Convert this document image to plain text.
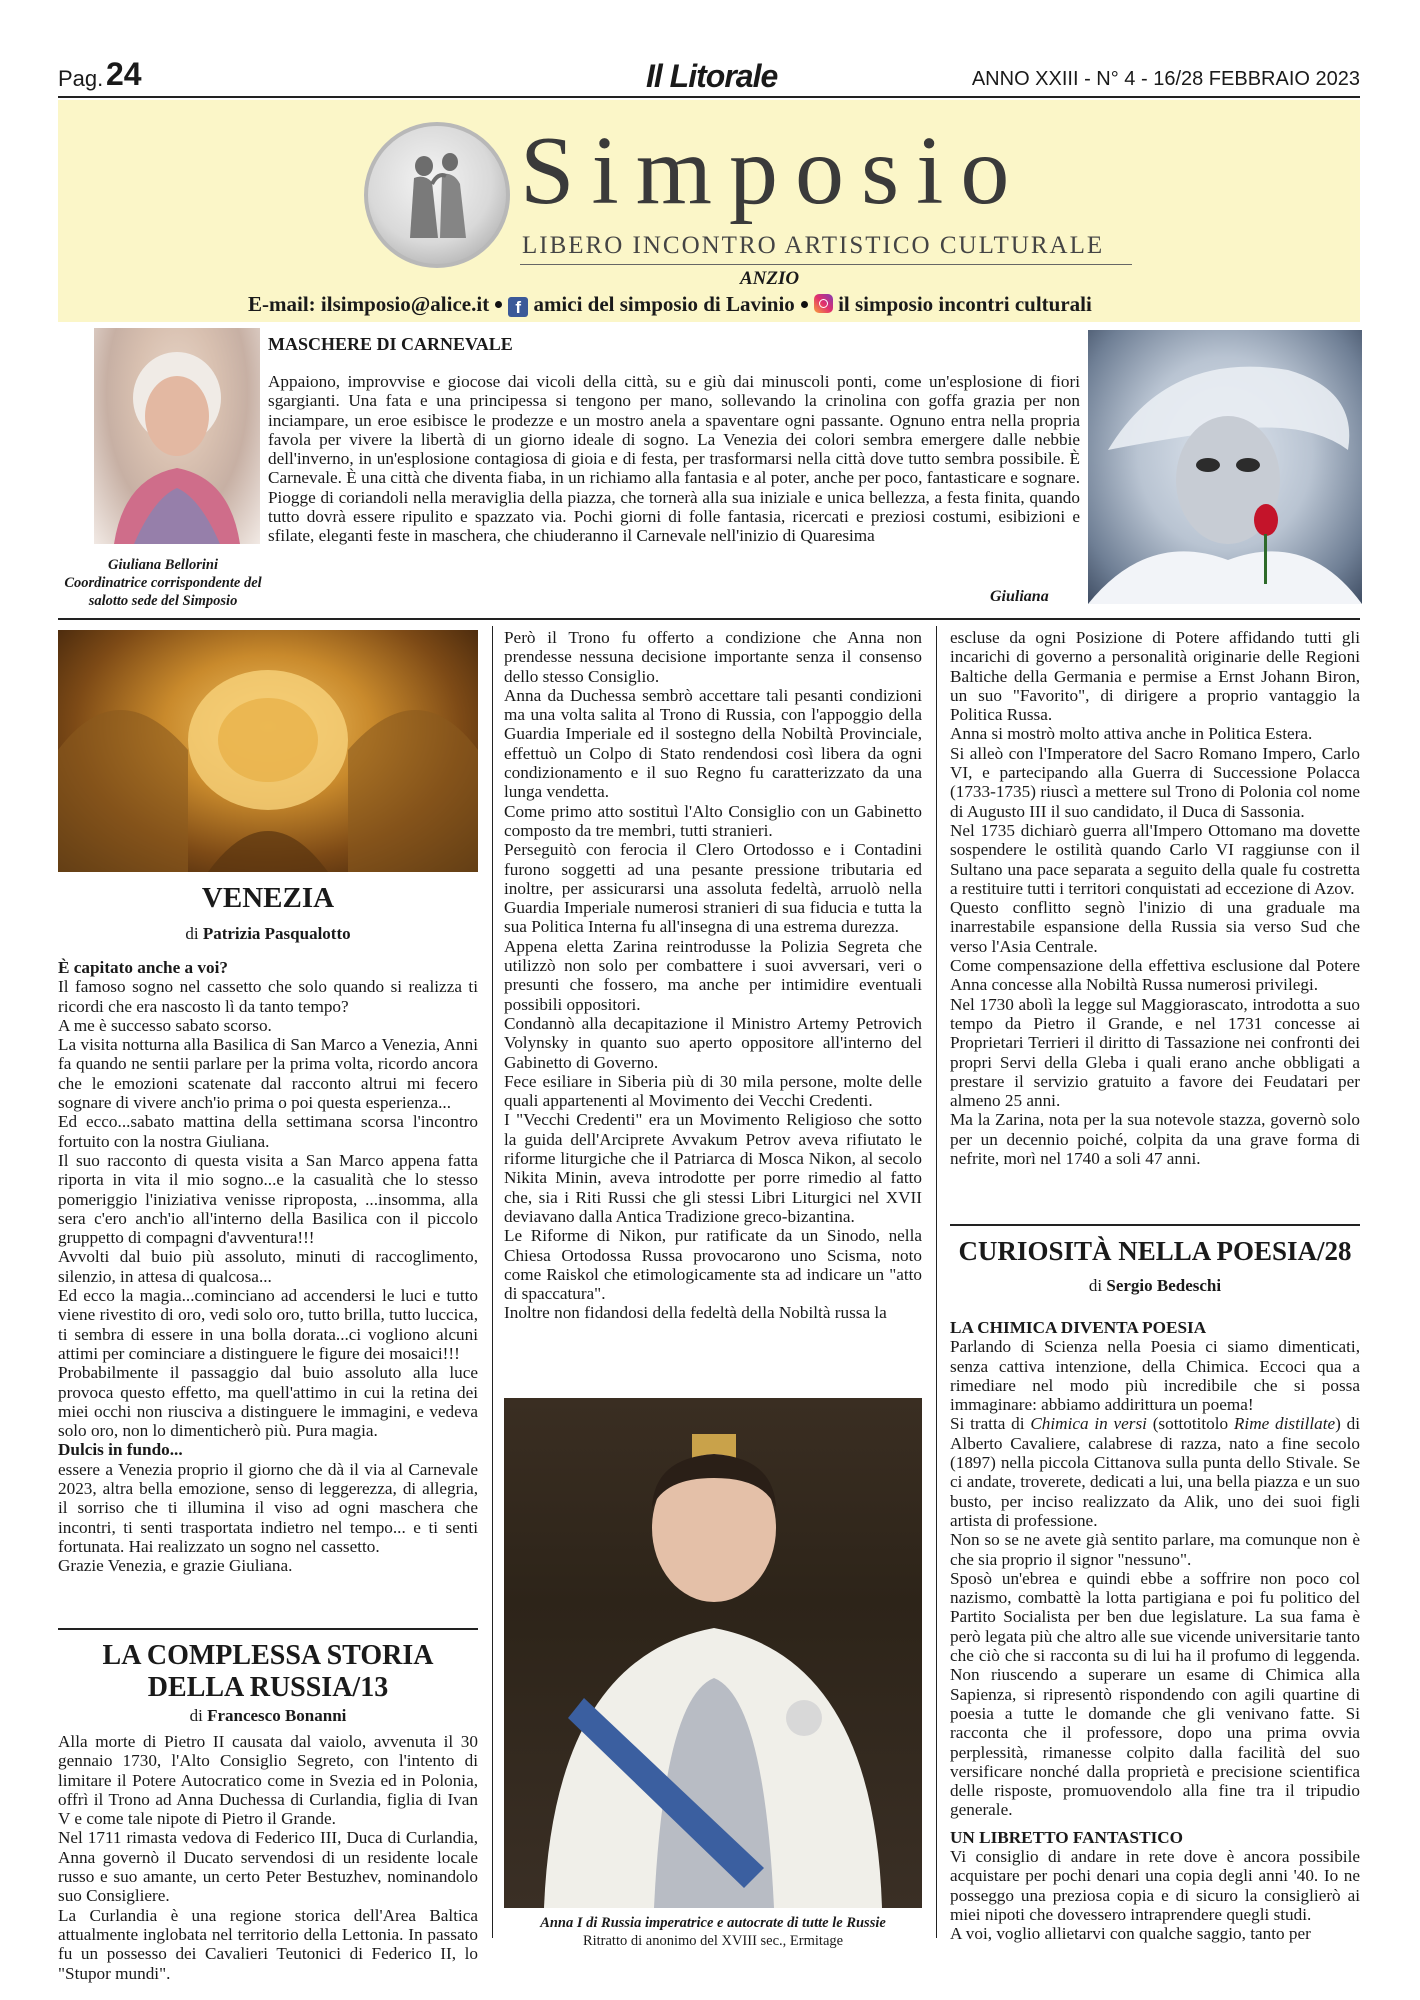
Pag. 24	Il Litorale	ANNO XXIII - N° 4 - 16/28 FEBBRAIO 2023
Simposio
LIBERO INCONTRO ARTISTICO CULTURALE
ANZIO
E-mail: ilsimposio@alice.it f amici del simposio di Lavinio il simposio incontri culturali
Giuliana Bellorini
Coordinatrice corrispondente del salotto sede del Simposio
MASCHERE DI CARNEVALE
Appaiono, improvvise e giocose dai vicoli della città, su e giù dai minuscoli ponti, come un'esplosione di fiori sgargianti. Una fata e una principessa si tengono per mano, sollevando la crinolina con goffa grazia per non inciampare, un eroe esibisce le prodezze e un mostro anela a spaventare ogni passante. Ognuno entra nella propria favola per vivere la libertà di un giorno ideale di sogno. La Venezia dei colori sembra emergere dalle nebbie dell'inverno, in un'esplosione contagiosa di gioia e di festa, per trasformarsi nella città dove tutto sembra possibile. È Carnevale. È una città che diventa fiaba, in un richiamo alla fantasia e al poter, anche per poco, fantasticare e sognare. Piogge di coriandoli nella meraviglia della piazza, che tornerà alla sua iniziale e unica bellezza, a festa finita, quando tutto dovrà essere ripulito e spazzato via. Pochi giorni di folle fantasia, ricercati e preziosi costumi, esibizioni e sfilate, eleganti feste in maschera, che chiuderanno il Carnevale nell'inizio di Quaresima
Giuliana
VENEZIA
di Patrizia Pasqualotto

È capitato anche a voi?

Il famoso sogno nel cassetto che solo quando si realizza ti ricordi che era nascosto lì da tanto tempo?

A me è successo sabato scorso.

La visita notturna alla Basilica di San Marco a Venezia, Anni fa quando ne sentii parlare per la prima volta, ricordo ancora che le emozioni scatenate dal racconto altrui mi fecero sognare di vivere anch'io prima o poi questa esperienza...

Ed ecco...sabato mattina della settimana scorsa l'incontro fortuito con la nostra Giuliana.

Il suo racconto di questa visita a San Marco appena fatta riporta in vita il mio sogno...e la casualità che lo stesso pomeriggio l'iniziativa venisse riproposta, ...insomma, alla sera c'ero anch'io all'interno della Basilica con il piccolo gruppetto di compagni d'avventura!!!

Avvolti dal buio più assoluto, minuti di raccoglimento, silenzio, in attesa di qualcosa...

Ed ecco la magia...cominciano ad accendersi le luci e tutto viene rivestito di oro, vedi solo oro, tutto brilla, tutto luccica, ti sembra di essere in una bolla dorata...ci vogliono alcuni attimi per cominciare a distinguere le figure dei mosaici!!!

Probabilmente il passaggio dal buio assoluto alla luce provoca questo effetto, ma quell'attimo in cui la retina dei miei occhi non riusciva a distinguere le immagini, e vedeva solo oro, non lo dimenticherò più. Pura magia.

Dulcis in fundo...

essere a Venezia proprio il giorno che dà il via al Carnevale 2023, altra bella emozione, senso di leggerezza, di allegria, il sorriso che ti illumina il viso ad ogni maschera che incontri, ti senti trasportata indietro nel tempo... e ti senti fortunata. Hai realizzato un sogno nel cassetto.

Grazie Venezia, e grazie Giuliana.

LA COMPLESSA STORIA DELLA RUSSIA/13
di Francesco Bonanni

Alla morte di Pietro II causata dal vaiolo, avvenuta il 30 gennaio 1730, l'Alto Consiglio Segreto, con l'intento di limitare il Potere Autocratico come in Svezia ed in Polonia, offrì il Trono ad Anna Duchessa di Curlandia, figlia di Ivan V e come tale nipote di Pietro il Grande.

Nel 1711 rimasta vedova di Federico III, Duca di Curlandia, Anna governò il Ducato servendosi di un residente locale russo e suo amante, un certo Peter Bestuzhev, nominandolo suo Consigliere.

La Curlandia è una regione storica dell'Area Baltica attualmente inglobata nel territorio della Lettonia. In passato fu un possesso dei Cavalieri Teutonici di Federico II, lo "Stupor mundi".

Però il Trono fu offerto a condizione che Anna non prendesse nessuna decisione importante senza il consenso dello stesso Consiglio.

Anna da Duchessa sembrò accettare tali pesanti condizioni ma una volta salita al Trono di Russia, con l'appoggio della Guardia Imperiale ed il sostegno della Nobiltà Provinciale, effettuò un Colpo di Stato rendendosi così libera da ogni condizionamento e il suo Regno fu caratterizzato da una lunga vendetta.

Come primo atto sostituì l'Alto Consiglio con un Gabinetto composto da tre membri, tutti stranieri.

Perseguitò con ferocia il Clero Ortodosso e i Contadini furono soggetti ad una pesante pressione tributaria ed inoltre, per assicurarsi una assoluta fedeltà, arruolò nella Guardia Imperiale numerosi stranieri di sua fiducia e tutta la sua Politica Interna fu all'insegna di una estrema durezza.

Appena eletta Zarina reintrodusse la Polizia Segreta che utilizzò non solo per combattere i suoi avversari, veri o presunti che fossero, ma anche per intimidire eventuali possibili oppositori.

Condannò alla decapitazione il Ministro Artemy Petrovich Volynsky in quanto suo aperto oppositore all'interno del Gabinetto di Governo.

Fece esiliare in Siberia più di 30 mila persone, molte delle quali appartenenti al Movimento dei Vecchi Credenti.

I "Vecchi Credenti" era un Movimento Religioso che sotto la guida dell'Arciprete Avvakum Petrov aveva rifiutato le riforme liturgiche che il Patriarca di Mosca Nikon, al secolo Nikita Minin, aveva introdotte per porre rimedio al fatto che, sia i Riti Russi che gli stessi Libri Liturgici nel XVII deviavano dalla Antica Tradizione greco-bizantina.

Le Riforme di Nikon, pur ratificate da un Sinodo, nella Chiesa Ortodossa Russa provocarono uno Scisma, noto come Raiskol che etimologicamente sta ad indicare un "atto di spaccatura".

Inoltre non fidandosi della fedeltà della Nobiltà russa la

Anna I di Russia imperatrice e autocrate di tutte le Russie
Ritratto di anonimo del XVIII sec., Ermitage

escluse da ogni Posizione di Potere affidando tutti gli incarichi di governo a personalità originarie delle Regioni Baltiche della Germania e permise a Ernst Johann Biron, un suo "Favorito", di dirigere a proprio vantaggio la Politica Russa.

Anna si mostrò molto attiva anche in Politica Estera.

Si alleò con l'Imperatore del Sacro Romano Impero, Carlo VI, e partecipando alla Guerra di Successione Polacca (1733-1735) riuscì a mettere sul Trono di Polonia col nome di Augusto III il suo candidato, il Duca di Sassonia.

Nel 1735 dichiarò guerra all'Impero Ottomano ma dovette sospendere le ostilità quando Carlo VI raggiunse con il Sultano una pace separata a seguito della quale fu costretta a restituire tutti i territori conquistati ad eccezione di Azov.

Questo conflitto segnò l'inizio di una graduale ma inarrestabile espansione della Russia sia verso Sud che verso l'Asia Centrale.

Come compensazione della effettiva esclusione dal Potere Anna concesse alla Nobiltà Russa numerosi privilegi.

Nel 1730 abolì la legge sul Maggiorascato, introdotta a suo tempo da Pietro il Grande, e nel 1731 concesse ai Proprietari Terrieri il diritto di Tassazione nei confronti dei propri Servi della Gleba i quali erano anche obbligati a prestare il servizio gratuito a favore dei Feudatari per almeno 25 anni.

Ma la Zarina, nota per la sua notevole stazza, governò solo per un decennio poiché, colpita da una grave forma di nefrite, morì nel 1740 a soli 47 anni.

CURIOSITÀ NELLA POESIA/28
di Sergio Bedeschi

LA CHIMICA DIVENTA POESIA

Parlando di Scienza nella Poesia ci siamo dimenticati, senza cattiva intenzione, della Chimica. Eccoci qua a rimediare nel modo più incredibile che si possa immaginare: abbiamo addirittura un poema!

Si tratta di Chimica in versi (sottotitolo Rime distillate) di Alberto Cavaliere, calabrese di razza, nato a fine secolo (1897) nella piccola Cittanova sulla punta dello Stivale. Se ci andate, troverete, dedicati a lui, una bella piazza e un suo busto, per inciso realizzato da Alik, uno dei suoi figli artista di professione.

Non so se ne avete già sentito parlare, ma comunque non è che sia proprio il signor "nessuno".

Sposò un'ebrea e quindi ebbe a soffrire non poco col nazismo, combattè la lotta partigiana e poi fu politico del Partito Socialista per ben due legislature. La sua fama è però legata più che altro alle sue vicende universitarie tanto che ciò che si racconta su di lui ha il profumo di leggenda. Non riuscendo a superare un esame di Chimica alla Sapienza, si ripresentò rispondendo con agili quartine di poesia a tutte le domande che gli venivano fatte. Si racconta che il professore, dopo una prima ovvia perplessità, rimanesse colpito dalla facilità del suo versificare nonché dalla proprietà e precisione scientifica delle risposte, promuovendolo alla fine tra il tripudio generale.

UN LIBRETTO FANTASTICO

Vi consiglio di andare in rete dove è ancora possibile acquistare per pochi denari una copia degli anni '40. Io ne posseggo una preziosa copia e di sicuro la consiglierò ai miei nipoti che dovessero intraprendere quegli studi.

A voi, voglio allietarvi con qualche saggio, tanto per
